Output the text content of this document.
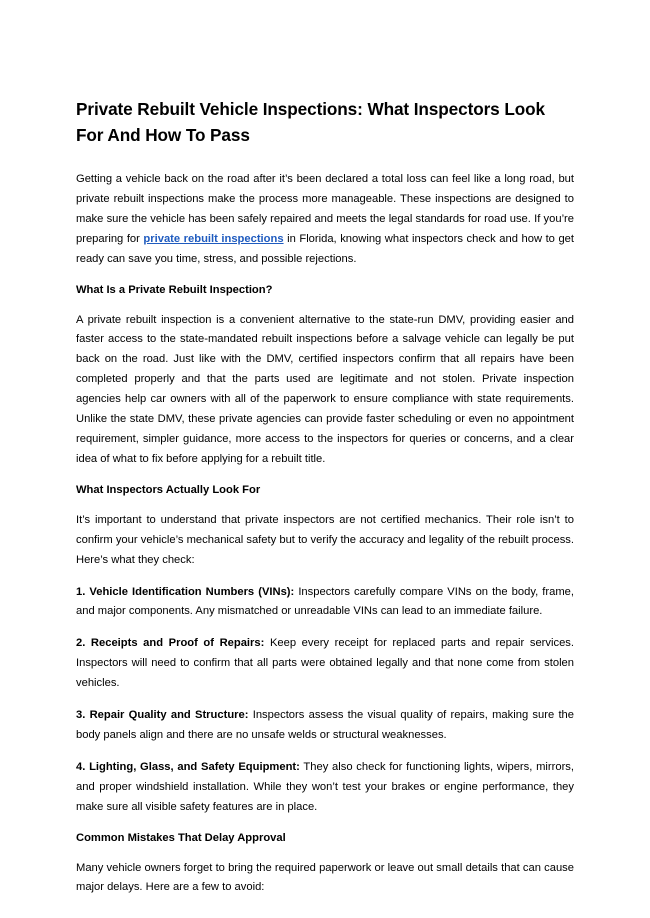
Private Rebuilt Vehicle Inspections: What Inspectors Look For And How To Pass

Getting a vehicle back on the road after it’s been declared a total loss can feel like a long road, but private rebuilt inspections make the process more manageable. These inspections are designed to make sure the vehicle has been safely repaired and meets the legal standards for road use. If you’re preparing for private rebuilt inspections in Florida, knowing what inspectors check and how to get ready can save you time, stress, and possible rejections.

What Is a Private Rebuilt Inspection?

A private rebuilt inspection is a convenient alternative to the state-run DMV, providing easier and faster access to the state-mandated rebuilt inspections before a salvage vehicle can legally be put back on the road. Just like with the DMV, certified inspectors confirm that all repairs have been completed properly and that the parts used are legitimate and not stolen. Private inspection agencies help car owners with all of the paperwork to ensure compliance with state requirements. Unlike the state DMV, these private agencies can provide faster scheduling or even no appointment requirement, simpler guidance, more access to the inspectors for queries or concerns, and a clear idea of what to fix before applying for a rebuilt title.

What Inspectors Actually Look For

It’s important to understand that private inspectors are not certified mechanics. Their role isn’t to confirm your vehicle’s mechanical safety but to verify the accuracy and legality of the rebuilt process. Here’s what they check:

1. Vehicle Identification Numbers (VINs): Inspectors carefully compare VINs on the body, frame, and major components. Any mismatched or unreadable VINs can lead to an immediate failure.

2. Receipts and Proof of Repairs: Keep every receipt for replaced parts and repair services. Inspectors will need to confirm that all parts were obtained legally and that none come from stolen vehicles.

3. Repair Quality and Structure: Inspectors assess the visual quality of repairs, making sure the body panels align and there are no unsafe welds or structural weaknesses.

4. Lighting, Glass, and Safety Equipment: They also check for functioning lights, wipers, mirrors, and proper windshield installation. While they won’t test your brakes or engine performance, they make sure all visible safety features are in place.

Common Mistakes That Delay Approval

Many vehicle owners forget to bring the required paperwork or leave out small details that can cause major delays. Here are a few to avoid:
